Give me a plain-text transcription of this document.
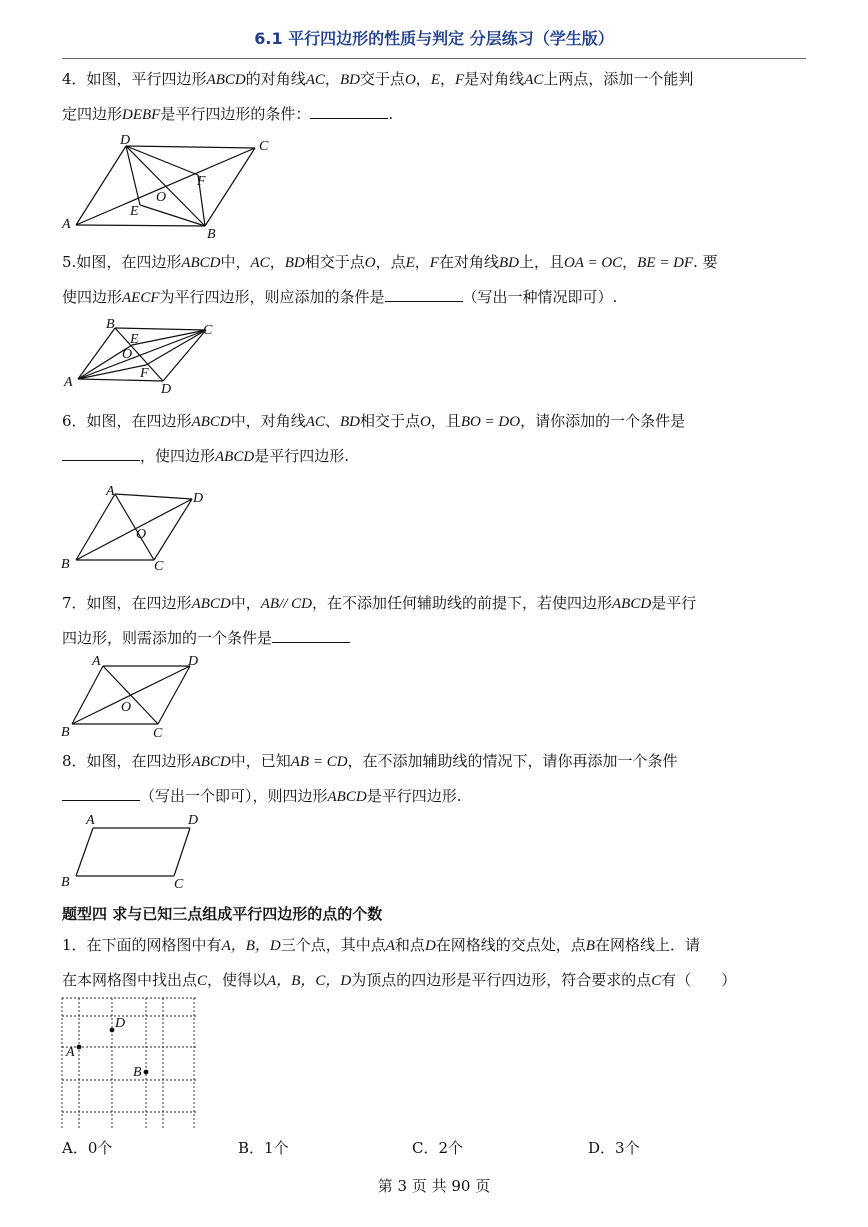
6.1 平行四边形的性质与判定 分层练习（学生版）
4．如图，平行四边形ABCD的对角线AC，BD交于点O，E，F是对角线AC上两点，添加一个能判
定四边形DEBF是平行四边形的条件：	.
A
B
C
D
E
F
O
5.如图，在四边形ABCD中，AC，BD相交于点O，点E，F在对角线BD上，且OA = OC，BE = DF. 要
使四边形AECF为平行四边形，则应添加的条件是	（写出一种情况即可）.
A
B	C
D
E
F
O
6．如图，在四边形ABCD中，对角线AC、BD相交于点O，且BO = DO，请你添加的一个条件是
，使四边形ABCD是平行四边形.
A
B	C
D
O
7．如图，在四边形ABCD中，AB// CD，在不添加任何辅助线的前提下，若使四边形ABCD是平行
四边形，则需添加的一个条件是
A
B	C
D
O
8．如图，在四边形ABCD中，已知AB = CD，在不添加辅助线的情况下，请你再添加一个条件
（写出一个即可），则四边形ABCD是平行四边形.
A
B	C
D
题型四 求与已知三点组成平行四边形的点的个数
1．在下面的网格图中有A，B，D三个点，其中点A和点D在网格线的交点处，点B在网格线上．请
在本网格图中找出点C，使得以A，B，C，D为顶点的四边形是平行四边形，符合要求的点C有（　　）
A
D
B
A．0个	B．1个	C．2个	D．3个
第 3 页 共 90 页
